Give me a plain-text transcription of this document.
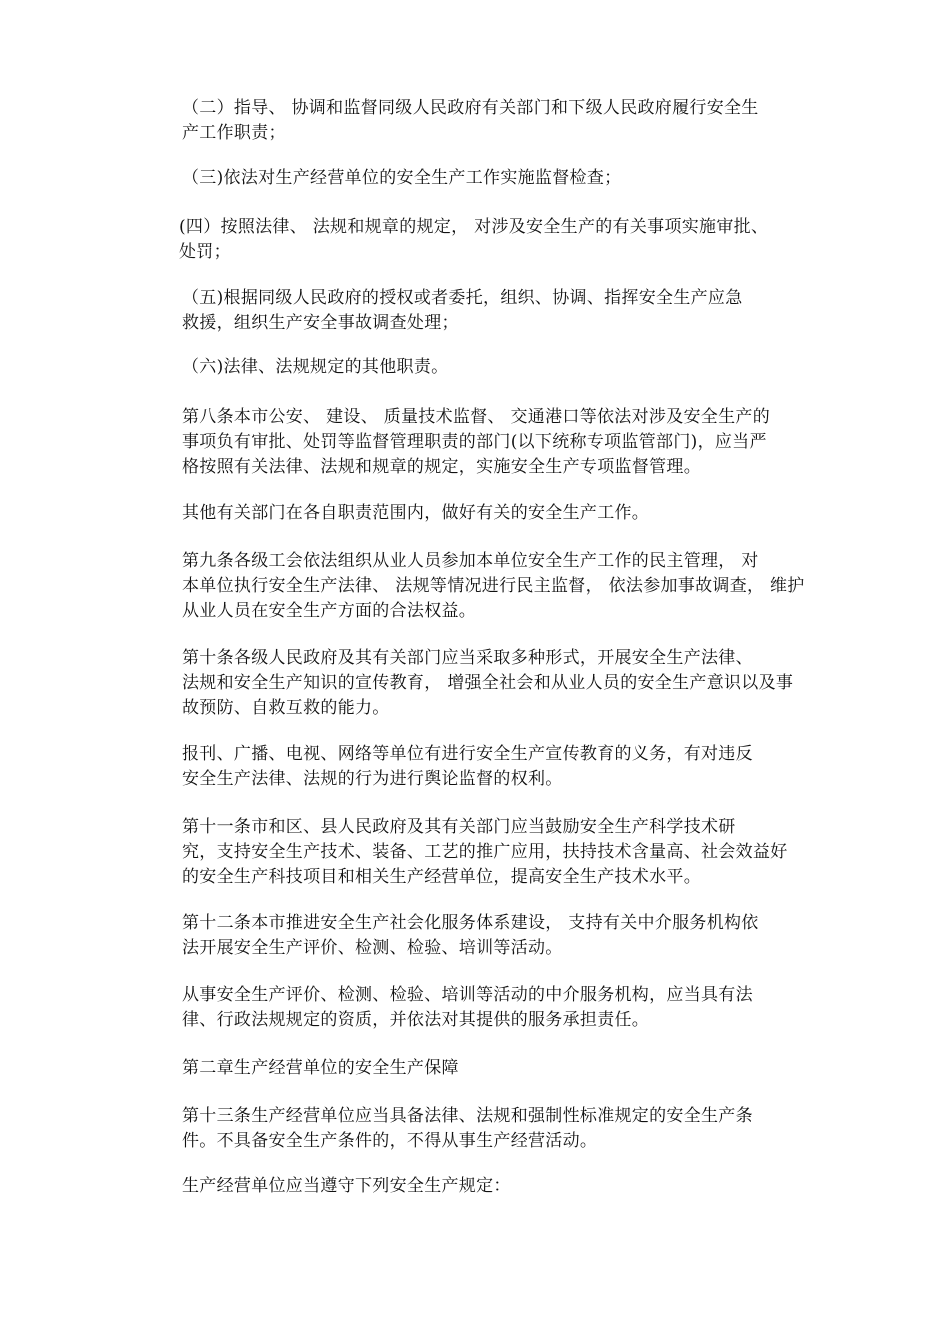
（二）指导、 协调和监督同级人民政府有关部门和下级人民政府履行安全生
产工作职责；

（三)依法对生产经营单位的安全生产工作实施监督检查；

(四）按照法律、 法规和规章的规定， 对涉及安全生产的有关事项实施审批、
处罚；

（五)根据同级人民政府的授权或者委托，组织、协调、指挥安全生产应急
救援，组织生产安全事故调查处理；

（六)法律、法规规定的其他职责。

第八条本市公安、 建设、 质量技术监督、 交通港口等依法对涉及安全生产的
事项负有审批、处罚等监督管理职责的部门(以下统称专项监管部门)，应当严
格按照有关法律、法规和规章的规定，实施安全生产专项监督管理。

其他有关部门在各自职责范围内，做好有关的安全生产工作。

第九条各级工会依法组织从业人员参加本单位安全生产工作的民主管理， 对
本单位执行安全生产法律、 法规等情况进行民主监督， 依法参加事故调查， 维护
从业人员在安全生产方面的合法权益。

第十条各级人民政府及其有关部门应当采取多种形式，开展安全生产法律、
法规和安全生产知识的宣传教育， 增强全社会和从业人员的安全生产意识以及事
故预防、自救互救的能力。

报刊、广播、电视、网络等单位有进行安全生产宣传教育的义务，有对违反
安全生产法律、法规的行为进行舆论监督的权利。

第十一条市和区、县人民政府及其有关部门应当鼓励安全生产科学技术研
究，支持安全生产技术、装备、工艺的推广应用，扶持技术含量高、社会效益好
的安全生产科技项目和相关生产经营单位，提高安全生产技术水平。

第十二条本市推进安全生产社会化服务体系建设， 支持有关中介服务机构依
法开展安全生产评价、检测、检验、培训等活动。

从事安全生产评价、检测、检验、培训等活动的中介服务机构，应当具有法
律、行政法规规定的资质，并依法对其提供的服务承担责任。

第二章生产经营单位的安全生产保障

第十三条生产经营单位应当具备法律、法规和强制性标准规定的安全生产条
件。不具备安全生产条件的，不得从事生产经营活动。

生产经营单位应当遵守下列安全生产规定：
